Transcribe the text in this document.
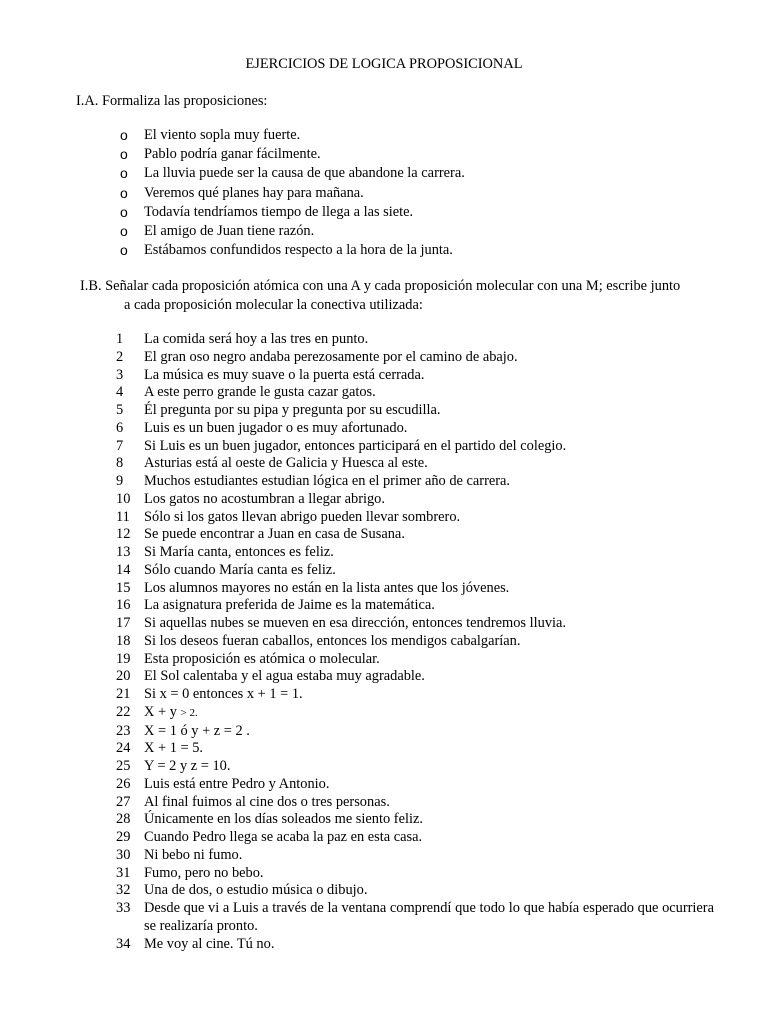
EJERCICIOS DE LOGICA PROPOSICIONAL
I.A. Formaliza las proposiciones:
o	El viento sopla muy fuerte.
o	Pablo podría ganar fácilmente.
o	La lluvia puede ser la causa de que abandone la carrera.
o	Veremos qué planes hay para mañana.
o	Todavía tendríamos tiempo de llega a las siete.
o	El amigo de Juan tiene razón.
o	Estábamos confundidos respecto a la hora de la junta.
I.B. Señalar cada proposición atómica con una A y cada proposición molecular con una M; escribe junto
a cada proposición molecular la conectiva utilizada:
1	La comida será hoy a las tres en punto.
2	El gran oso negro andaba perezosamente por el camino de abajo.
3	La música es muy suave o la puerta está cerrada.
4	A este perro grande le gusta cazar gatos.
5	Él pregunta por su pipa y pregunta por su escudilla.
6	Luis es un buen jugador o es muy afortunado.
7	Si Luis es un buen jugador, entonces participará en el partido del colegio.
8	Asturias está al oeste de Galicia y Huesca al este.
9	Muchos estudiantes estudian lógica en el primer año de carrera.
10 Los gatos no acostumbran a llegar abrigo.
11 Sólo si los gatos llevan abrigo pueden llevar sombrero.
12 Se puede encontrar a Juan en casa de Susana.
13 Si María canta, entonces es feliz.
14 Sólo cuando María canta es feliz.
15 Los alumnos mayores no están en la lista antes que los jóvenes.
16 La asignatura preferida de Jaime es la matemática.
17 Si aquellas nubes se mueven en esa dirección, entonces tendremos lluvia.
18 Si los deseos fueran caballos, entonces los mendigos cabalgarían.
19 Esta proposición es atómica o molecular.
20 El Sol calentaba y el agua estaba muy agradable.
21 Si x = 0 entonces x + 1 = 1.
22 X + y > 2.
23 X = 1 ó y + z = 2 .
24 X + 1 = 5.
25 Y = 2 y z = 10.
26 Luis está entre Pedro y Antonio.
27 Al final fuimos al cine dos o tres personas.
28 Únicamente en los días soleados me siento feliz.
29 Cuando Pedro llega se acaba la paz en esta casa.
30 Ni bebo ni fumo.
31 Fumo, pero no bebo.
32 Una de dos, o estudio música o dibujo.
33 Desde que vi a Luis a través de la ventana comprendí que todo lo que había esperado que ocurriera se realizaría pronto.
34 Me voy al cine. Tú no.
